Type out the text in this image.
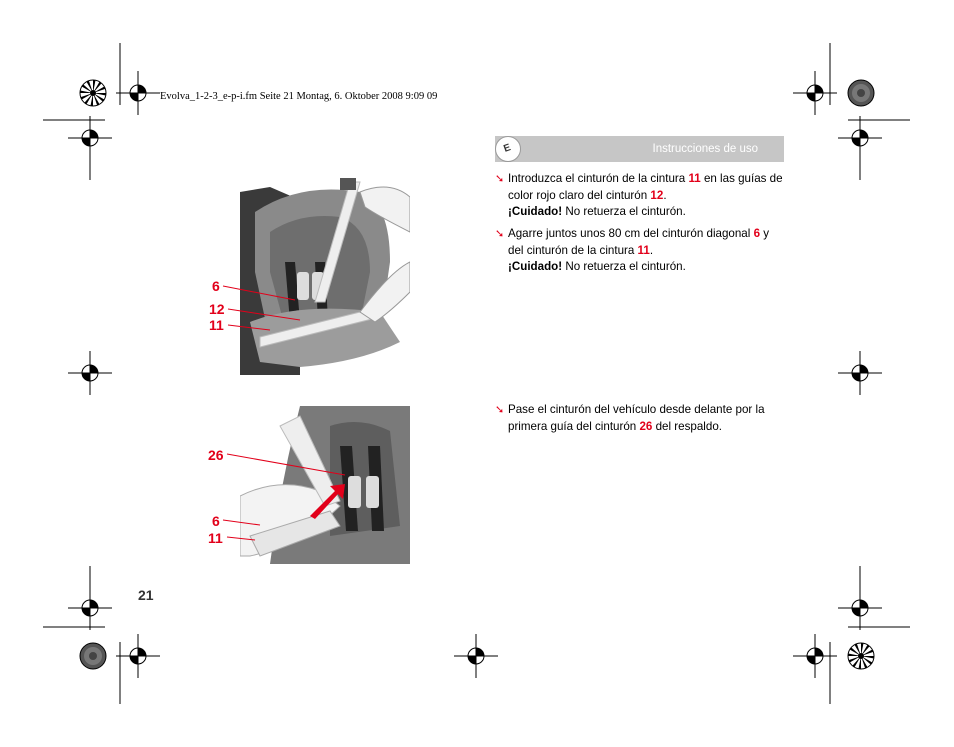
Evolva_1-2-3_e-p-i.fm Seite 21 Montag, 6. Oktober 2008 9:09 09
E	Instrucciones de uso
6
12
11
26
6
11
➘ Introduzca el cinturón de la cintura 11 en las guías de color rojo claro del cinturón 12.
¡Cuidado! No retuerza el cinturón.

➘ Agarre juntos unos 80 cm del cinturón diagonal 6 y del cinturón de la cintura 11.
¡Cuidado! No retuerza el cinturón.

➘ Pase el cinturón del vehículo desde delante por la primera guía del cinturón 26 del respaldo.

21
